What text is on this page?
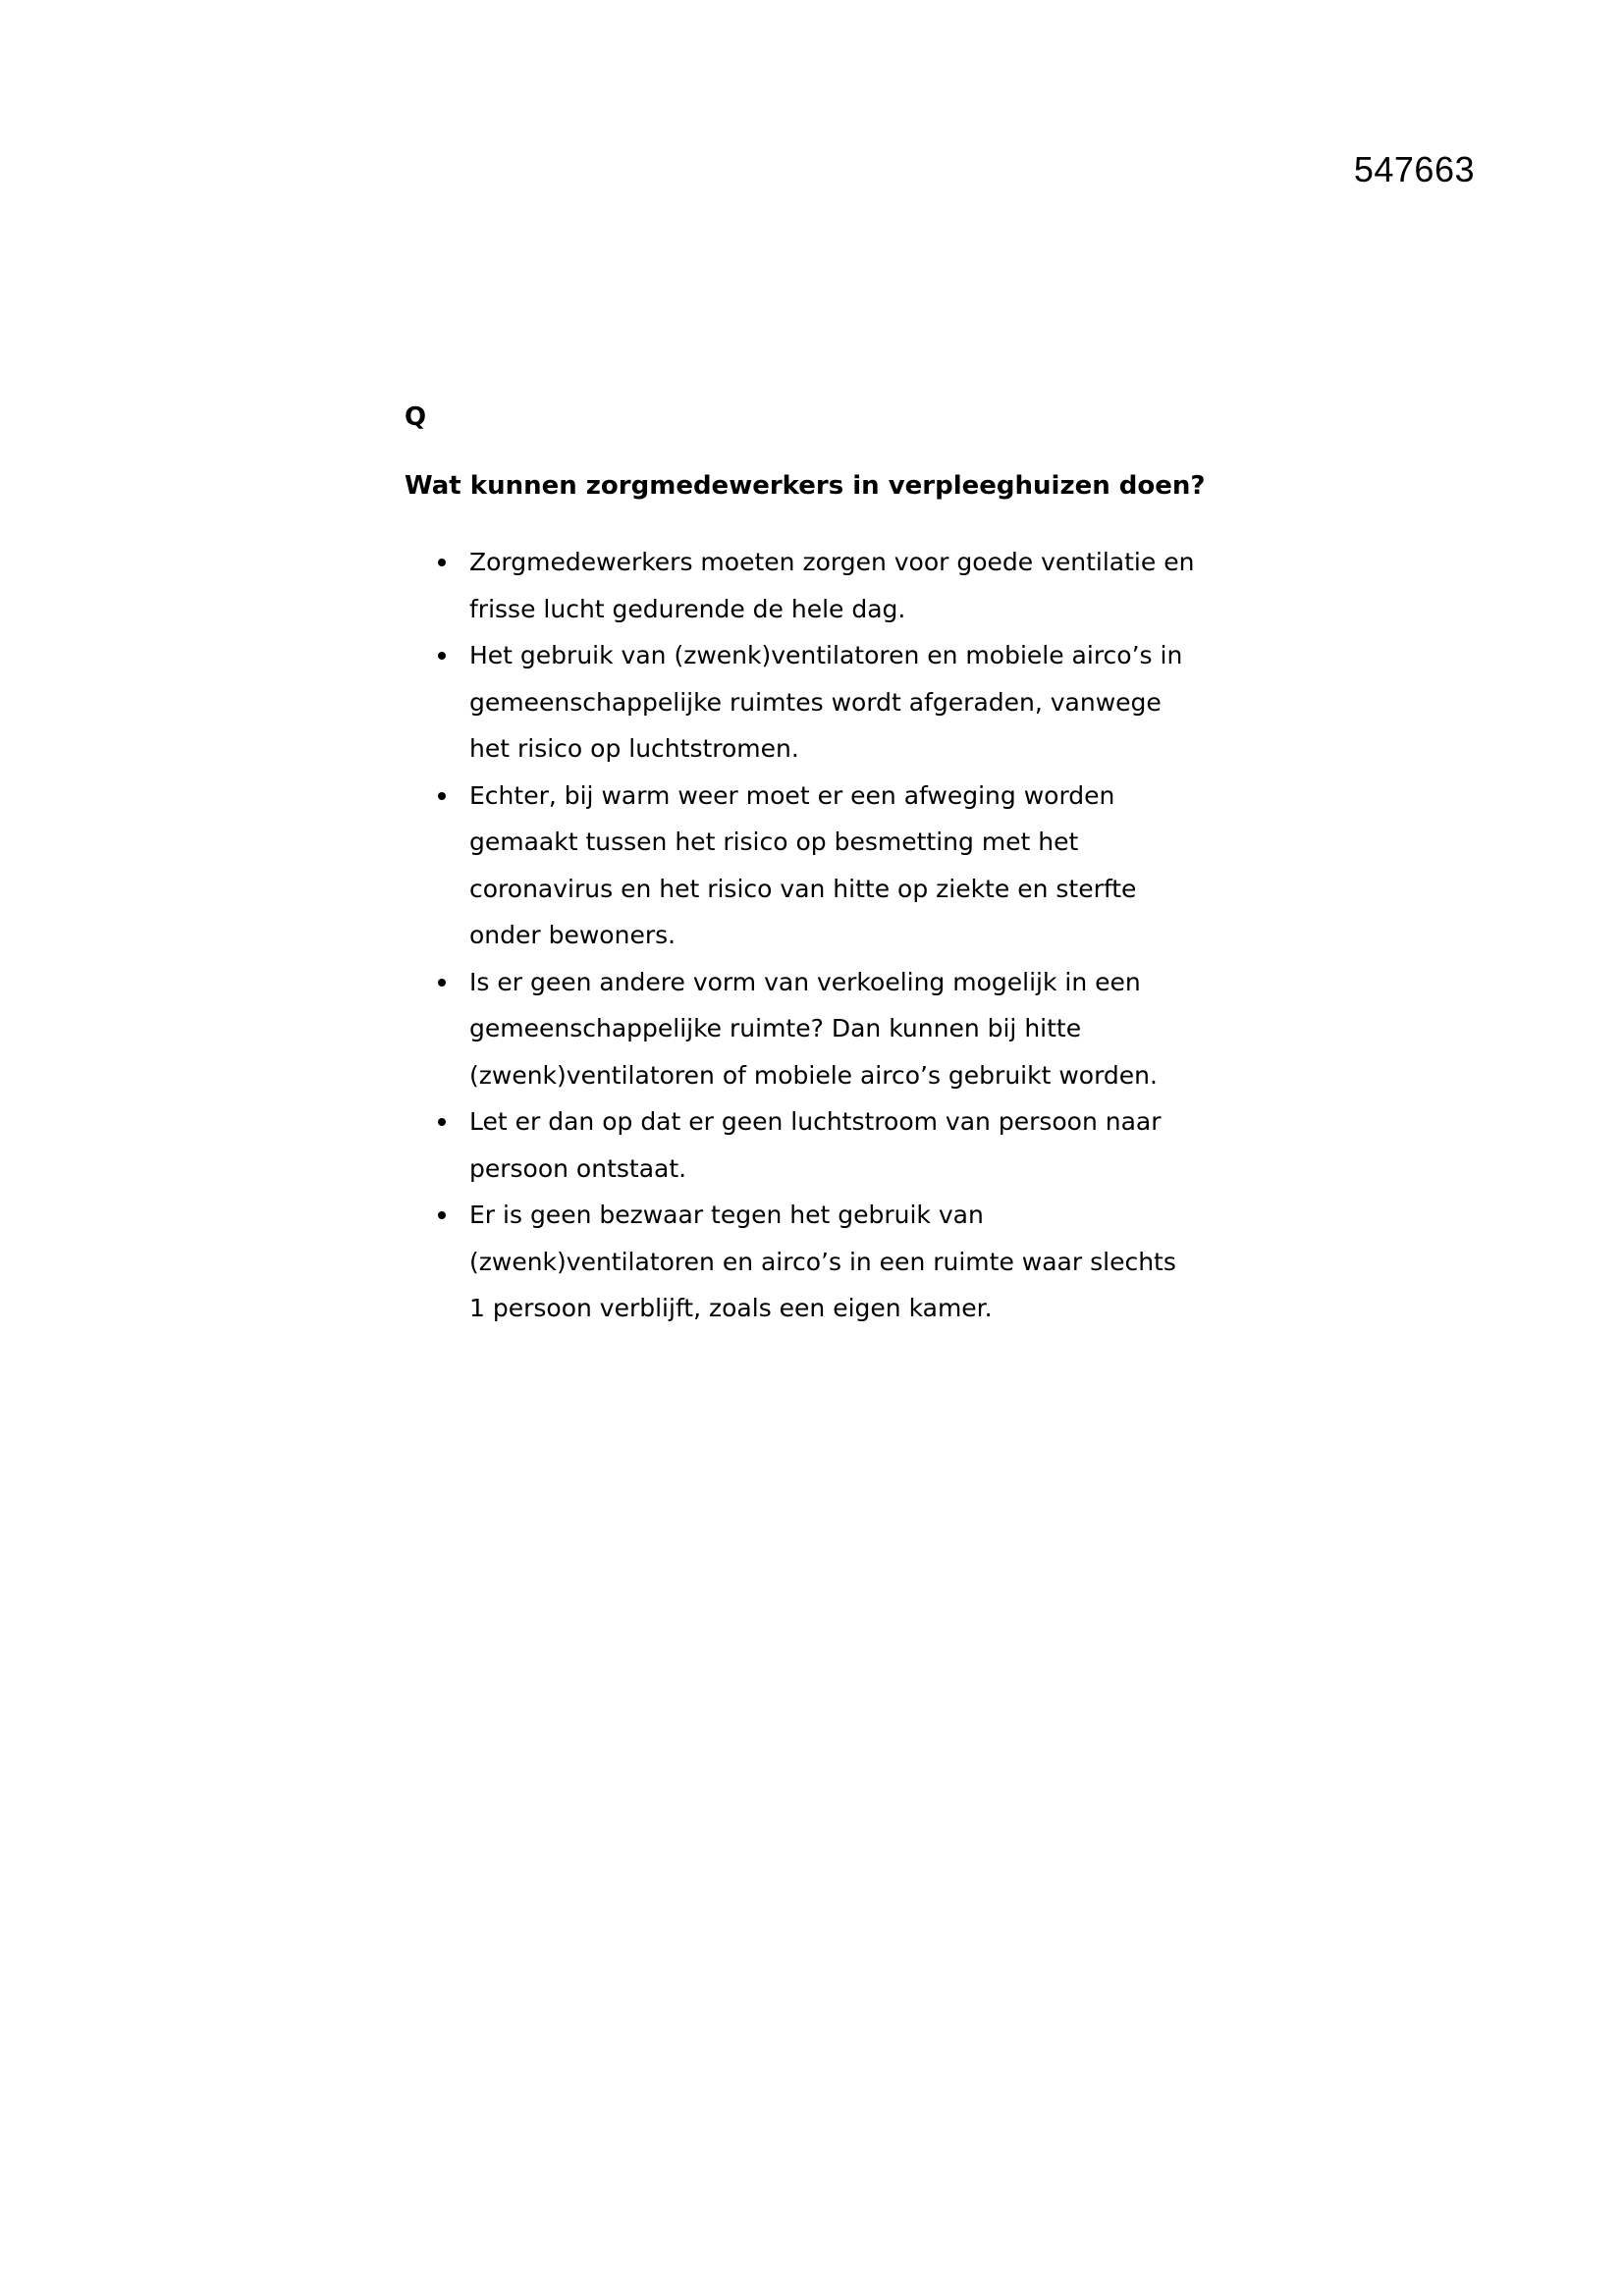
547663

Q

Wat kunnen zorgmedewerkers in verpleeghuizen doen?

Zorgmedewerkers moeten zorgen voor goede ventilatie en
frisse lucht gedurende de hele dag.
Het gebruik van (zwenk)ventilatoren en mobiele airco’s in
gemeenschappelijke ruimtes wordt afgeraden, vanwege
het risico op luchtstromen.
Echter, bij warm weer moet er een afweging worden
gemaakt tussen het risico op besmetting met het
coronavirus en het risico van hitte op ziekte en sterfte
onder bewoners.
Is er geen andere vorm van verkoeling mogelijk in een
gemeenschappelijke ruimte? Dan kunnen bij hitte
(zwenk)ventilatoren of mobiele airco’s gebruikt worden.
Let er dan op dat er geen luchtstroom van persoon naar
persoon ontstaat.
Er is geen bezwaar tegen het gebruik van
(zwenk)ventilatoren en airco’s in een ruimte waar slechts
1 persoon verblijft, zoals een eigen kamer.
